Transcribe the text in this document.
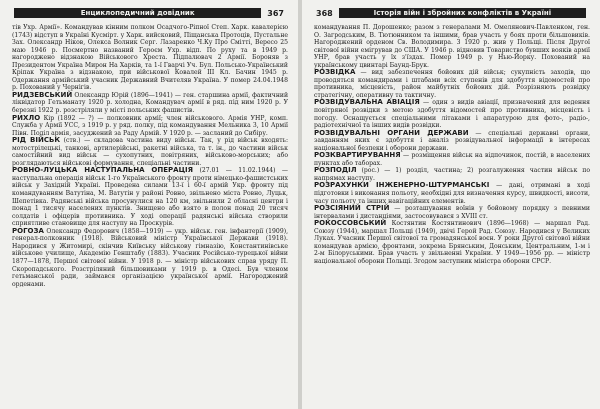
Енциклопедичний довідник	367

тів Ухр. Армії». Командував кінним полком Осадчого-Ріпної Степ. Харк. кавалерією (1743) відступ в Україні Кусмірт. у Харк. вийсковий, Піщанська Протоців, Пустальне Зах. Олександр Ніков, Олекса Волник Серг. Лазаренко Ч.Ку Про Смітті, Вересо 25 маю 1946 р. Посмертно названий Героєм Ухр. відп. По руху та в 1949 р. нагороджено відзнакою Військового Хреста. Підпалювач 2 Армії. Бороняв з Президентом Україна Мирон На Харків, та 1-ї Гварчі Уч. Бул. Польсько-Український Кріпак Україна з відзнакою, при військової Ковалей III Кл. Бачин 1945 р. Одержання армійський учасник Державний Вчителяв Україна. У помер 24.04.1948 р. Похований у Чернігів.

РИДЗЕВСЬКИЙ Олександр Юрій (1896—1941) — ген. старшина армії, фактичний ліквідатор Гетьманату 1920 р. холодна, Командувач армії в ряд. під ним 1920 р. У березні 1922 р. розстріляли у місті польських фашистів.

РИХЛО Кір (1892 — ?) — полковник армії; член військового. Армія УНР, комп. Служба у Армії УСС, з 1919 р. у ряд. полку, під командування Мельника 3, 10 Армії Півн. Поділ армія, засуджений за Раду Армій. У 1920 р. — засланий до Сибіру.

РІД ВІЙСЬК (ств.) — складова частина виду військ. Так, у рід військ входять: мотострілецькі, танкові, артилерійські, ракетні війська, та т. ін., до частини військ самостійний вид військ — сухопутних, повітряних, військово-морських; або розглядаються військові формування, спеціальні частини.

РОВНО-ЛУЦЬКА НАСТУПАЛЬНА ОПЕРАЦІЯ (27.01 — 11.02.1944) — наступальна операція військ 1-го Українського фронту проти німецько-фашистських військ у Західній Україні. Проведена силами 13-ї і 60-ї армій Укр. фронту під командуванням Ватутіна, М. Ватутін у районі Ровно, звільнено міста Ровно, Луцьк, Шепетівка. Радянські війська просунулися на 120 км, звільнили 2 обласні центри і понад 1 тисячу населених пунктів. Знищено або взято в полон понад 20 тисяч солдатів і офіцерів противника. У ході операції радянські війська створили сприятливе становище для наступу на Проскурів.

РОГОЗА Олександр Федорович (1858—1919) — укр. військ. ген. інфантерії (1909), генерал-полковник (1918). Військовий міністр Української Держави (1918). Народився у Житомирі, скінчив Київську військову гімназію, Константинівське військове училище, Академію Генштабу (1883). Учасник Російсько-турецької війни 1877—1878, Першої світової війни. У 1918 р. — міністр військових справ уряду П. Скоропадського. Розстріляний більшовиками у 1919 р. в Одесі. Був членом гетьманської ради, займався організацією української армії. Нагороджений орденами.

368	Історія війн і збройних конфліктів в Україні

командування П. Дорошенко; разом з генералами М. Омелянович-Павленком, ген. О. Загродським, В. Тютюнником та іншими, брав участь у боях проти більшовиків. Нагороджений орденом Св. Володимира. З 1920 р. жив у Польщі. Після Другої світової війни емігрував до США. У 1946 р. відновив Товариство бувших вояків армії УНР, брав участь у їх з'їздах. Помер 1949 р. у Нью-Йорку. Похований на українському цвинтарі Баунд-Брук.

РОЗВІДКА — вид забезпечення бойових дій військ; сукупність заходів, що проводяться командирами і штабами всіх ступенів для здобуття відомостей про противника, місцевість, район майбутніх бойових дій. Розрізняють розвідку стратегічну, оперативну та тактичну.

РОЗВІДУВАЛЬНА АВІАЦІЯ — один з видів авіації, призначений для ведення повітряної розвідки з метою здобуття відомостей про противника, місцевість і погоду. Оснащується спеціальними літаками і апаратурою для фото-, радіо-, радіотехнічної та інших видів розвідки.

РОЗВІДУВАЛЬНІ ОРГАНИ ДЕРЖАВИ — спеціальні державні органи, завданням яких є здобуття і аналіз розвідувальної інформації в інтересах національної безпеки і оборони держави.

РОЗКВАРТИРУВАННЯ — розміщення військ на відпочинок, постій, в населених пунктах або таборах.

РОЗПОДІЛ (рос.) — 1) розділ, частина; 2) розгалуження частин військ по напрямах наступу.

РОЗРАХУНКИ ІНЖЕНЕРНО-ШТУРМАНСЬКІ — дані, отримані в ході підготовки і виконання польоту, необхідні для визначення курсу, швидкості, висоти, часу польоту та інших навігаційних елементів.

РОЗСІЯНИЙ СТРІЙ — розташування воїнів у бойовому порядку з певними інтервалами і дистанціями, застосовувався з XVIII ст.

РОКОССОВСЬКИЙ Костянтин Костянтинович (1896—1968) — маршал Рад. Союзу (1944), маршал Польщі (1949), двічі Герой Рад. Союзу. Народився у Великих Луках. Учасник Першої світової та громадянської воєн. У роки Другої світової війни командував армією, фронтами, зокрема Брянським, Донським, Центральним, 1-м і 2-м Білоруськими. Брав участь у звільненні України. У 1949—1956 рр. — міністр національної оборони Польщі. Згодом заступник міністра оборони СРСР.
